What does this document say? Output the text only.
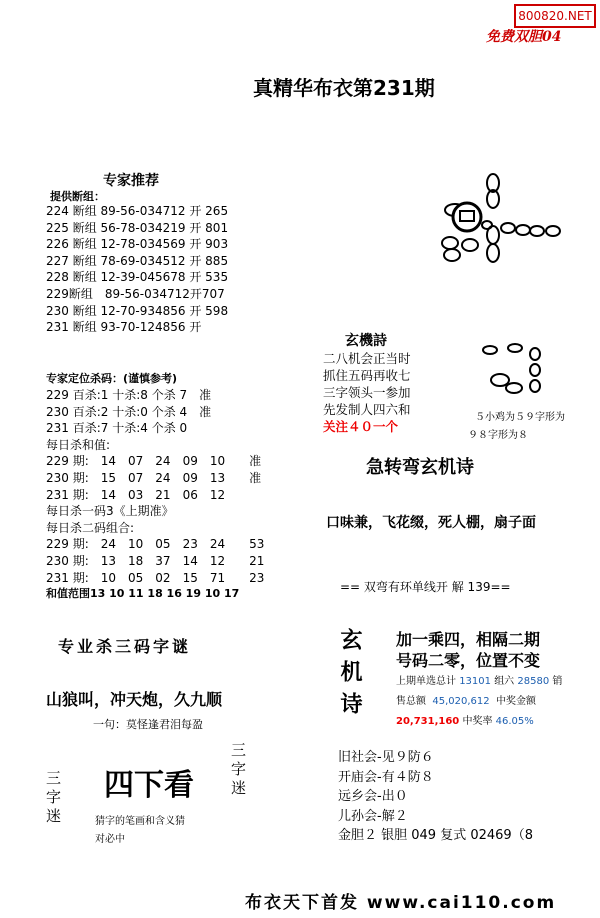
800820.NET
免费双胆04
真精华布衣第231期
专家推荐
提供断组：
224 断组 89-56-034712 开 265
225 断组 56-78-034219 开 801
226 断组 12-78-034569 开 903
227 断组 78-69-034512 开 885
228 断组 12-39-045678 开 535
229断组　89-56-034712开707
230 断组 12-70-934856 开 598
231 断组 93-70-124856 开
专家定位杀码：(谨慎参考)
229 百杀:1 十杀:8 个杀 7　准
230 百杀:2 十杀:0 个杀 4　准
231 百杀:7 十杀:4 个杀 0
每日杀和值:
229 期:　14　07　24　09　10　　准
230 期:　15　07　24　09　13　　准
231 期:　14　03　21　06　12
每日杀一码3《上期准》
每日杀二码组合:
229 期:　24　10　05　23　24　　53
230 期:　13　18　37　14　12　　21
231 期:　10　05　02　15　71　　23
和值范围13 10 11 18 16 19 10 17
专业杀三码字谜
山狼叫，冲天炮，久九顺
一句：莫怪逢君泪每盈
三字迷	三字迷
四下看
猜字的笔画和含义猜
对必中
玄機詩
二八机会正当时
抓住五码再收七
三字领头一参加
先发制人四六和
关注４０一个
５小鸡为５９字形为
９８字形为８
急转弯玄机诗
口味兼，飞花缀，死人棚，扇子面
== 双弯有环单线开 解 139==
玄机诗 加一乘四，相隔二期
号码二零，位置不变
上期单选总计 13101 组六 28580 销
售总额 45,020,612 中奖金额
20,731,160 中奖率 46.05%
旧社会-见９防６
开庙会-有４防８
远乡会-出０
儿孙会-解２
金胆２ 银胆 049 复式 02469（8
布衣天下首发 www.cai110.com
